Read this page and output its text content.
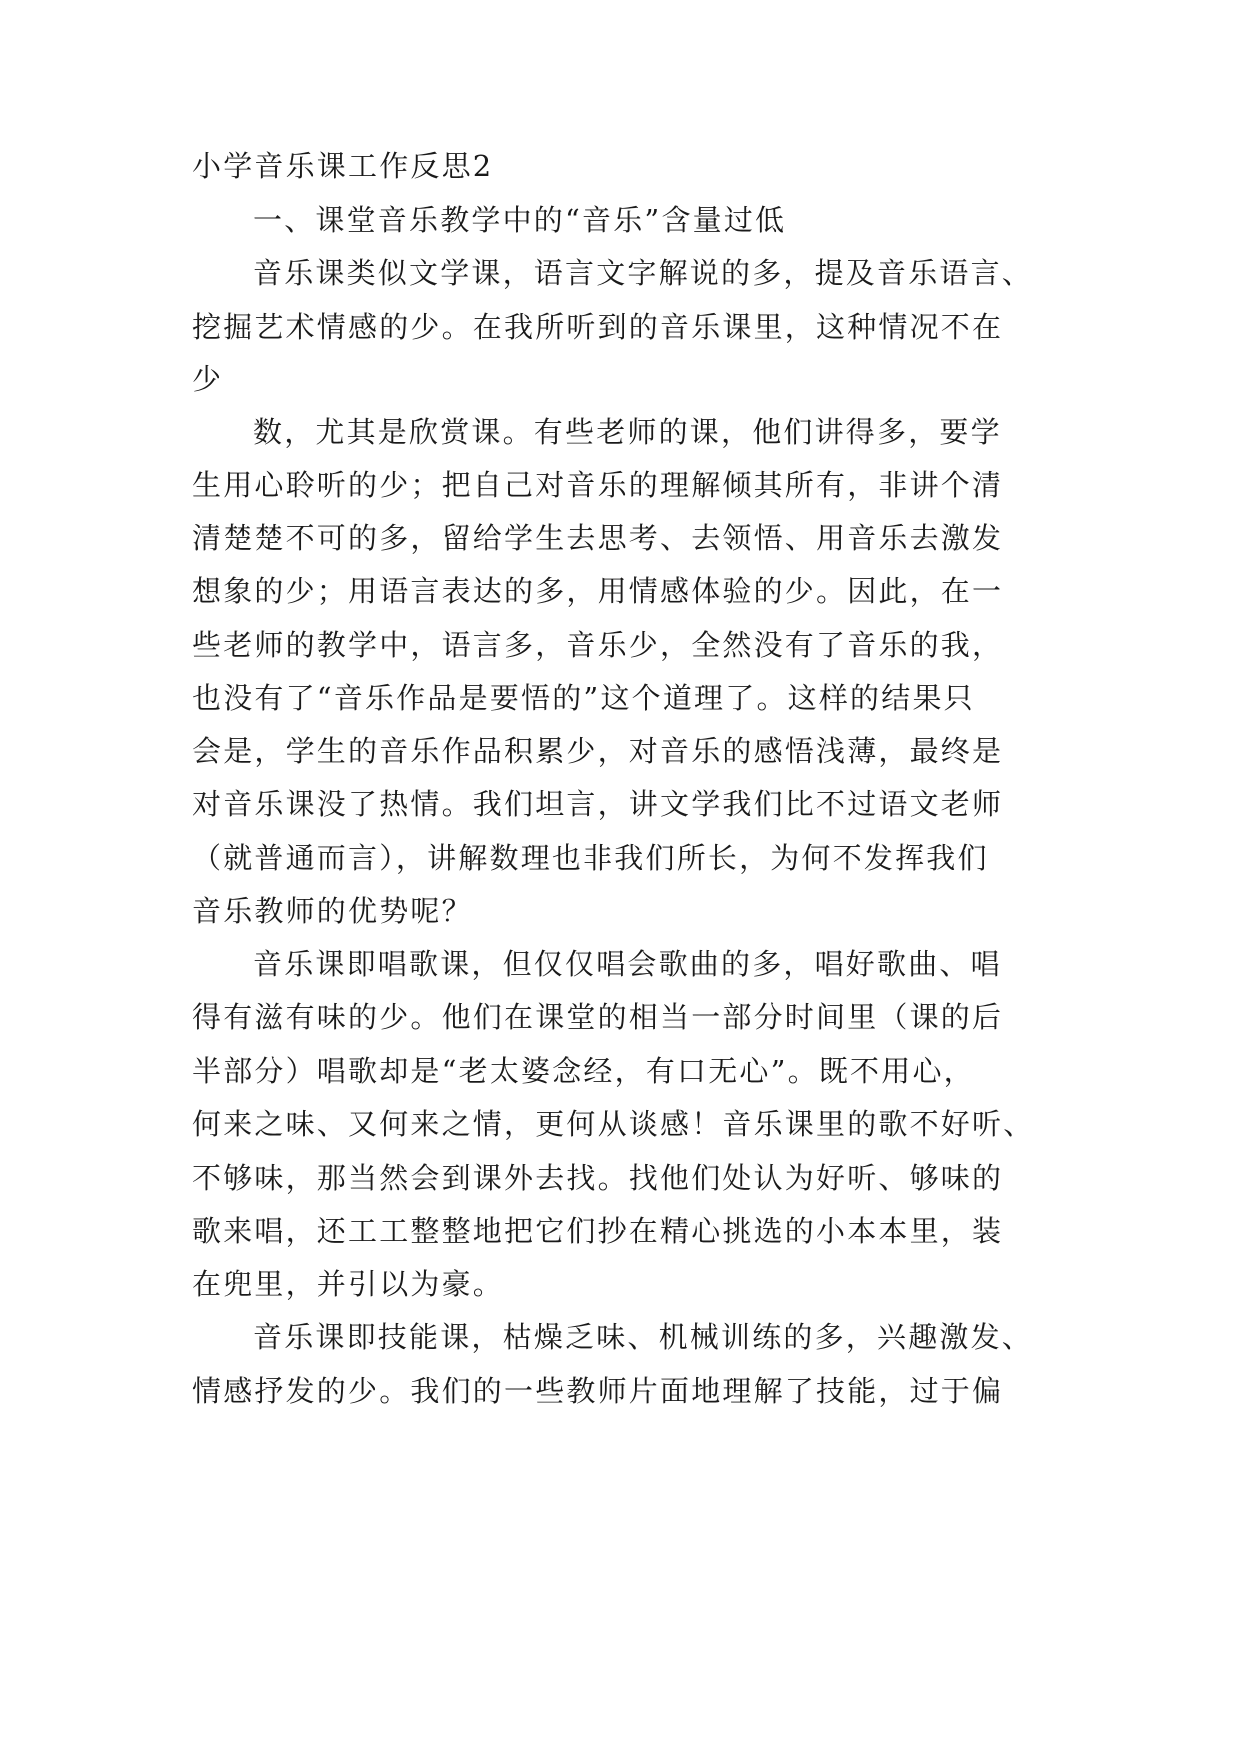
小学音乐课工作反思2
一、课堂音乐教学中的“音乐”含量过低
音乐课类似文学课，语言文字解说的多，提及音乐语言、
挖掘艺术情感的少。在我所听到的音乐课里，这种情况不在
少
数，尤其是欣赏课。有些老师的课，他们讲得多，要学
生用心聆听的少；把自己对音乐的理解倾其所有，非讲个清
清楚楚不可的多，留给学生去思考、去领悟、用音乐去激发
想象的少；用语言表达的多，用情感体验的少。因此，在一
些老师的教学中，语言多，音乐少，全然没有了音乐的我，
也没有了“音乐作品是要悟的”这个道理了。这样的结果只
会是，学生的音乐作品积累少，对音乐的感悟浅薄，最终是
对音乐课没了热情。我们坦言，讲文学我们比不过语文老师
（就普通而言），讲解数理也非我们所长，为何不发挥我们
音乐教师的优势呢？
音乐课即唱歌课，但仅仅唱会歌曲的多，唱好歌曲、唱
得有滋有味的少。他们在课堂的相当一部分时间里（课的后
半部分）唱歌却是“老太婆念经，有口无心”。既不用心，
何来之味、又何来之情，更何从谈感！音乐课里的歌不好听、
不够味，那当然会到课外去找。找他们处认为好听、够味的
歌来唱，还工工整整地把它们抄在精心挑选的小本本里，装
在兜里，并引以为豪。
音乐课即技能课，枯燥乏味、机械训练的多，兴趣激发、
情感抒发的少。我们的一些教师片面地理解了技能，过于偏
